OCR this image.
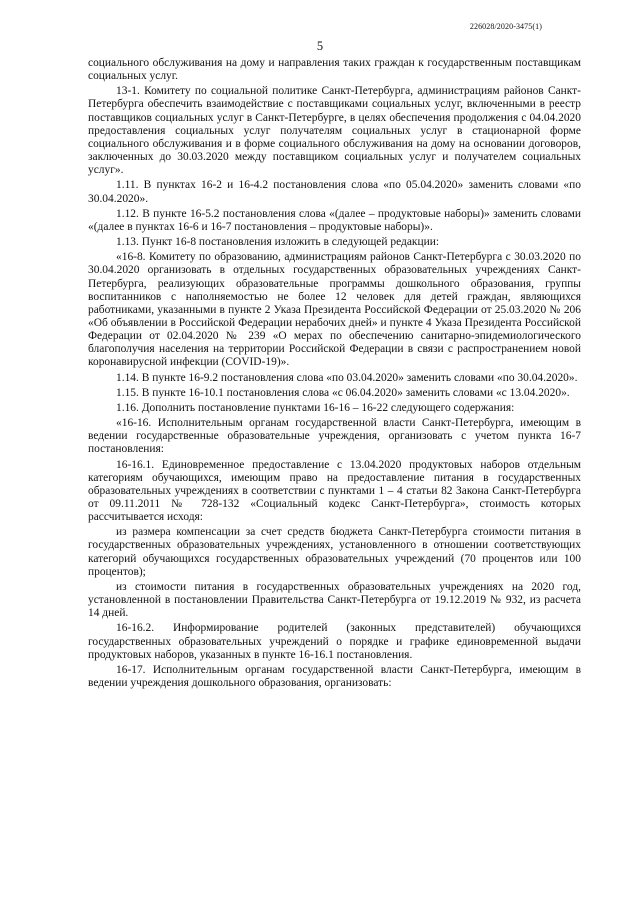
226028/2020-3475(1)
5

социального обслуживания на дому и направления таких граждан к государственным поставщикам социальных услуг.

13-1. Комитету по социальной политике Санкт-Петербурга, администрациям районов Санкт-Петербурга обеспечить взаимодействие с поставщиками социальных услуг, включенными в реестр поставщиков социальных услуг в Санкт-Петербурге, в целях обеспечения продолжения с 04.04.2020 предоставления социальных услуг получателям социальных услуг в стационарной форме социального обслуживания и в форме социального обслуживания на дому на основании договоров, заключенных до 30.03.2020 между поставщиком социальных услуг и получателем социальных услуг».

1.11. В пунктах 16-2 и 16-4.2 постановления слова «по 05.04.2020» заменить словами «по 30.04.2020».

1.12. В пункте 16-5.2 постановления слова «(далее – продуктовые наборы)» заменить словами «(далее в пунктах 16-6 и 16-7 постановления – продуктовые наборы)».

1.13. Пункт 16-8 постановления изложить в следующей редакции:

«16-8. Комитету по образованию, администрациям районов Санкт-Петербурга с 30.03.2020 по 30.04.2020 организовать в отдельных государственных образовательных учреждениях Санкт-Петербурга, реализующих образовательные программы дошкольного образования, группы воспитанников с наполняемостью не более 12 человек для детей граждан, являющихся работниками, указанными в пункте 2 Указа Президента Российской Федерации от 25.03.2020 № 206 «Об объявлении в Российской Федерации нерабочих дней» и пункте 4 Указа Президента Российской Федерации от 02.04.2020 № 239 «О мерах по обеспечению санитарно-эпидемиологического благополучия населения на территории Российской Федерации в связи с распространением новой коронавирусной инфекции (COVID-19)».

1.14. В пункте 16-9.2 постановления слова «по 03.04.2020» заменить словами «по 30.04.2020».

1.15. В пункте 16-10.1 постановления слова «с 06.04.2020» заменить словами «с 13.04.2020».

1.16. Дополнить постановление пунктами 16-16 – 16-22 следующего содержания:

«16-16. Исполнительным органам государственной власти Санкт-Петербурга, имеющим в ведении государственные образовательные учреждения, организовать с учетом пункта 16-7 постановления:

16-16.1. Единовременное предоставление с 13.04.2020 продуктовых наборов отдельным категориям обучающихся, имеющим право на предоставление питания в государственных образовательных учреждениях в соответствии с пунктами 1 – 4 статьи 82 Закона Санкт-Петербурга от 09.11.2011 № 728-132 «Социальный кодекс Санкт-Петербурга», стоимость которых рассчитывается исходя:

из размера компенсации за счет средств бюджета Санкт-Петербурга стоимости питания в государственных образовательных учреждениях, установленного в отношении соответствующих категорий обучающихся государственных образовательных учреждений (70 процентов или 100 процентов);

из стоимости питания в государственных образовательных учреждениях на 2020 год, установленной в постановлении Правительства Санкт-Петербурга от 19.12.2019 № 932, из расчета 14 дней.

16-16.2. Информирование родителей (законных представителей) обучающихся государственных образовательных учреждений о порядке и графике единовременной выдачи продуктовых наборов, указанных в пункте 16-16.1 постановления.

16-17. Исполнительным органам государственной власти Санкт-Петербурга, имеющим в ведении учреждения дошкольного образования, организовать:
